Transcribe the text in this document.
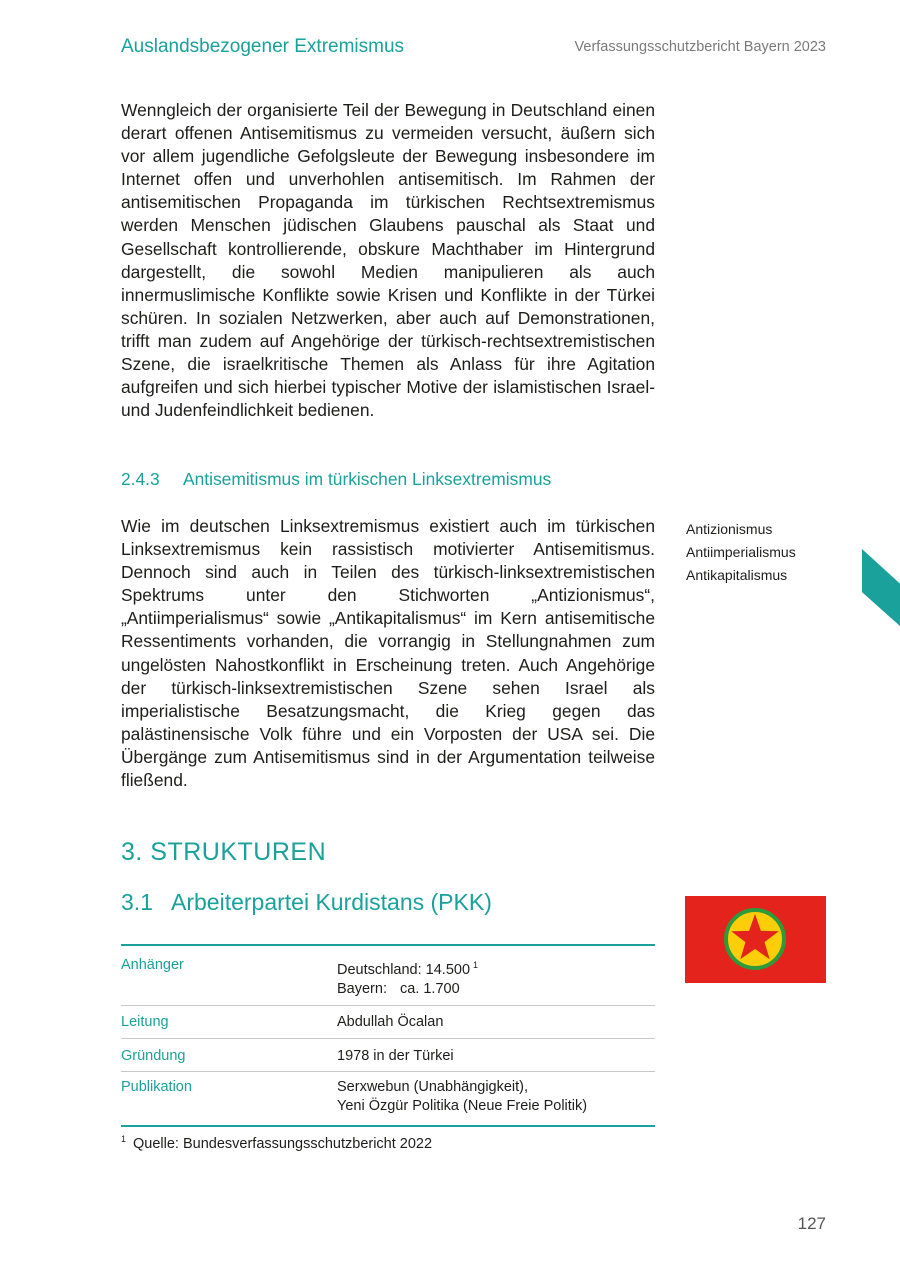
Auslandsbezogener Extremismus	Verfassungsschutzbericht Bayern 2023
Wenngleich der organisierte Teil der Bewegung in Deutschland einen derart offenen Antisemitismus zu vermeiden versucht, äußern sich vor allem jugendliche Gefolgsleute der Bewegung insbesondere im Internet offen und unverhohlen antisemitisch. Im Rahmen der antisemitischen Propaganda im türkischen Rechtsextremismus werden Menschen jüdischen Glaubens pauschal als Staat und Gesellschaft kontrollierende, obskure Machthaber im Hintergrund dargestellt, die sowohl Medien manipulieren als auch innermuslimische Konflikte sowie Krisen und Konflikte in der Türkei schüren. In sozialen Netzwerken, aber auch auf Demonstrationen, trifft man zudem auf Angehörige der türkisch-rechtsextremistischen Szene, die israelkritische Themen als Anlass für ihre Agitation aufgreifen und sich hierbei typischer Motive der islamistischen Israel- und Judenfeindlichkeit bedienen.
2.4.3 Antisemitismus im türkischen Linksextremismus
Wie im deutschen Linksextremismus existiert auch im türkischen Linksextremismus kein rassistisch motivierter Antisemitismus. Dennoch sind auch in Teilen des türkisch-linksextremistischen Spektrums unter den Stichworten „Antizionismus“, „Antiimperialismus“ sowie „Antikapitalismus“ im Kern antisemitische Ressentiments vorhanden, die vorrangig in Stellungnahmen zum ungelösten Nahostkonflikt in Erscheinung treten. Auch Angehörige der türkisch-linksextremistischen Szene sehen Israel als imperialistische Besatzungsmacht, die Krieg gegen das palästinensische Volk führe und ein Vorposten der USA sei. Die Übergänge zum Antisemitismus sind in der Argumentation teilweise fließend.
Antizionismus
Antiimperialismus
Antikapitalismus
3. STRUKTUREN
3.1 Arbeiterpartei Kurdistans (PKK)
Anhänger	Deutschland: 14.500 $^1$
Bayern: ca. 1.700
Leitung	Abdullah Öcalan
Gründung	1978 in der Türkei
Publikation	Serxwebun (Unabhängigkeit),
Yeni Özgür Politika (Neue Freie Politik)
$^1$ Quelle: Bundesverfassungsschutzbericht 2022
127
